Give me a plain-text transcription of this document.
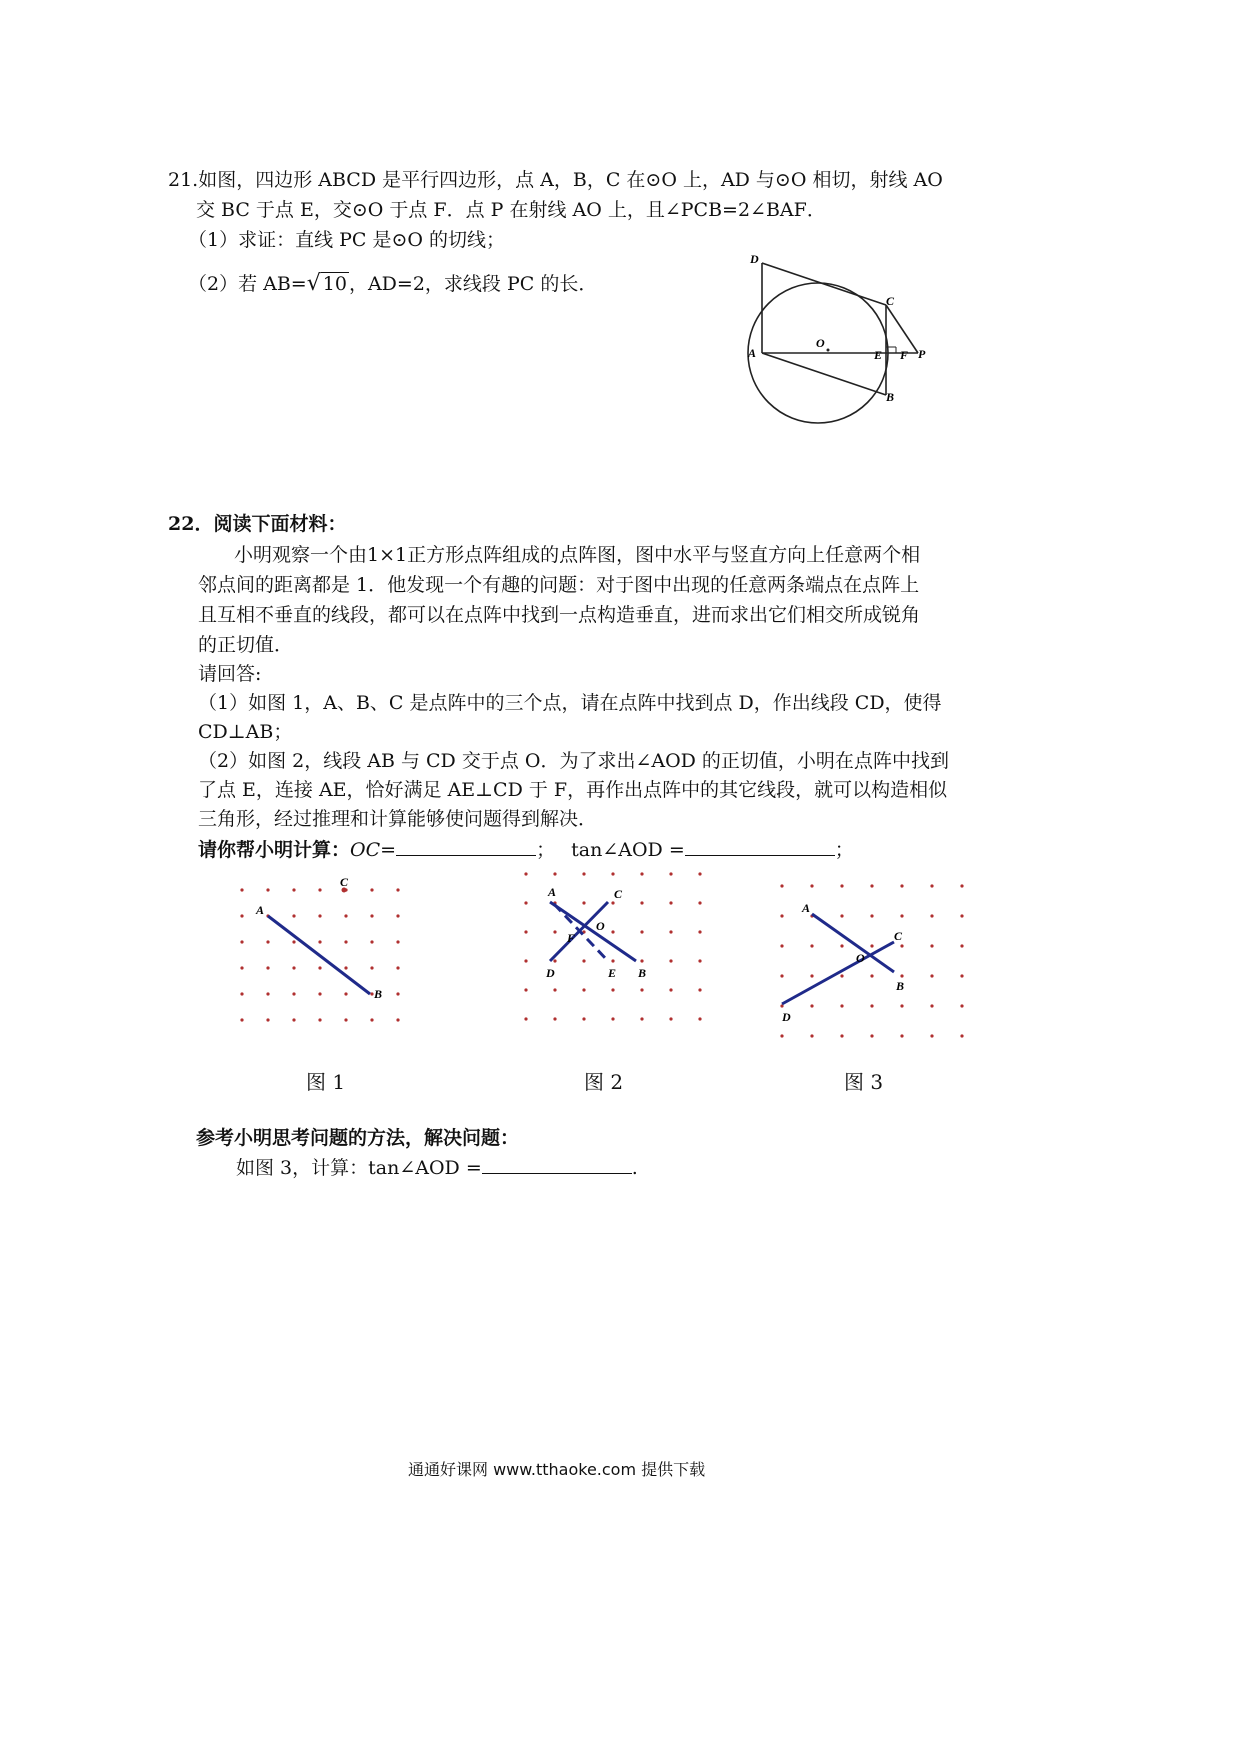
21.如图，四边形 ABCD 是平行四边形，点 A，B，C 在⊙O 上，AD 与⊙O 相切，射线 AO
交 BC 于点 E，交⊙O 于点 F．点 P 在射线 AO 上，且∠PCB=2∠BAF．
（1）求证：直线 PC 是⊙O 的切线；
（2）若 AB=√ 10 ，AD=2，求线段 PC 的长．
D
C
O
A	E F P
B
22．阅读下面材料：
小明观察一个由1×1正方形点阵组成的点阵图，图中水平与竖直方向上任意两个相
邻点间的距离都是 1．他发现一个有趣的问题：对于图中出现的任意两条端点在点阵上
且互相不垂直的线段，都可以在点阵中找到一点构造垂直，进而求出它们相交所成锐角
的正切值．
请回答:
（1）如图 1，A、B、C 是点阵中的三个点，请在点阵中找到点 D，作出线段 CD，使得
CD⊥AB；
（2）如图 2，线段 AB 与 CD 交于点 O．为了求出∠AOD 的正切值，小明在点阵中找到
了点 E，连接 AE，恰好满足 AE⊥CD 于 F，再作出点阵中的其它线段，就可以构造相似
三角形，经过推理和计算能够使问题得到解决．
请你帮小明计算：OC=	； tan∠AOD =	；
A
B
C
A	C
O
F
D	E B
A
C
O
B
D
图 1	图 2	图 3
参考小明思考问题的方法，解决问题：
如图 3，计算：tan∠AOD =	.
通通好课网 www.tthaoke.com 提供下载
